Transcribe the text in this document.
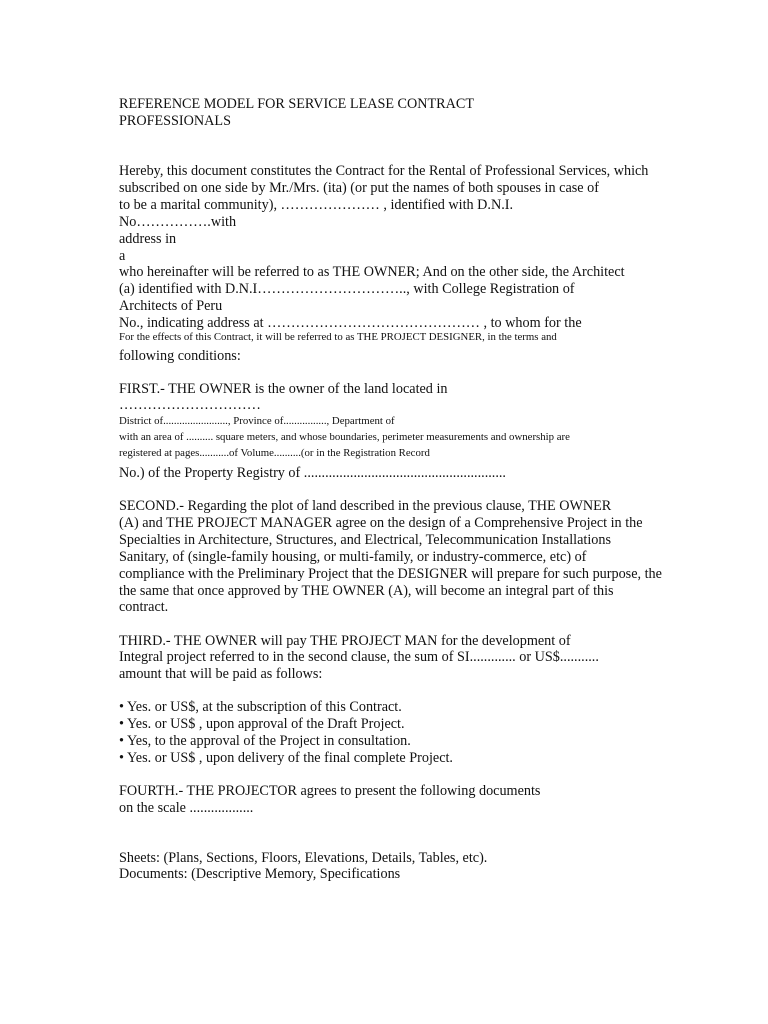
REFERENCE MODEL FOR SERVICE LEASE CONTRACT
PROFESSIONALS
Hereby, this document constitutes the Contract for the Rental of Professional Services, which
subscribed on one side by Mr./Mrs. (ita) (or put the names of both spouses in case of
to be a marital community), ………………… , identified with D.N.I.
No…………….with
address in
a
who hereinafter will be referred to as THE OWNER; And on the other side, the Architect
(a) identified with D.N.I………………………….., with College Registration of
Architects of Peru
No., indicating address at ……………………………………… , to whom for the
For the effects of this Contract, it will be referred to as THE PROJECT DESIGNER, in the terms and
following conditions:
FIRST.- THE OWNER is the owner of the land located in
…………………………
District of........................, Province of................, Department of
with an area of .......... square meters, and whose boundaries, perimeter measurements and ownership are
registered at pages...........of Volume..........(or in the Registration Record
No.) of the Property Registry of .........................................................
SECOND.- Regarding the plot of land described in the previous clause, THE OWNER
(A) and THE PROJECT MANAGER agree on the design of a Comprehensive Project in the
Specialties in Architecture, Structures, and Electrical, Telecommunication Installations
Sanitary, of (single-family housing, or multi-family, or industry-commerce, etc) of
compliance with the Preliminary Project that the DESIGNER will prepare for such purpose, the
the same that once approved by THE OWNER (A), will become an integral part of this
contract.
THIRD.- THE OWNER will pay THE PROJECT MAN for the development of
Integral project referred to in the second clause, the sum of SI............. or US$...........
amount that will be paid as follows:
• Yes. or US$, at the subscription of this Contract.
• Yes. or US$ , upon approval of the Draft Project.
• Yes, to the approval of the Project in consultation.
• Yes. or US$ , upon delivery of the final complete Project.
FOURTH.- THE PROJECTOR agrees to present the following documents
on the scale ..................
Sheets: (Plans, Sections, Floors, Elevations, Details, Tables, etc).
Documents: (Descriptive Memory, Specifications
